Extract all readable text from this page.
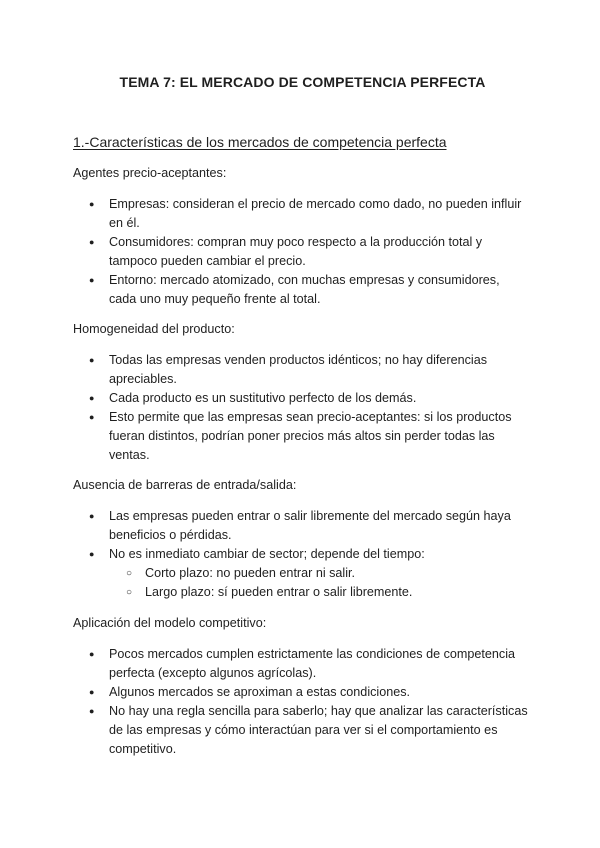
TEMA 7: EL MERCADO DE COMPETENCIA PERFECTA
1.-Características de los mercados de competencia perfecta

Agentes precio-aceptantes:

● Empresas: consideran el precio de mercado como dado, no pueden influir en él.
● Consumidores: compran muy poco respecto a la producción total y tampoco pueden cambiar el precio.
● Entorno: mercado atomizado, con muchas empresas y consumidores, cada uno muy pequeño frente al total.

Homogeneidad del producto:

● Todas las empresas venden productos idénticos; no hay diferencias apreciables.
● Cada producto es un sustitutivo perfecto de los demás.
● Esto permite que las empresas sean precio-aceptantes: si los productos fueran distintos, podrían poner precios más altos sin perder todas las ventas.

Ausencia de barreras de entrada/salida:

● Las empresas pueden entrar o salir libremente del mercado según haya beneficios o pérdidas.
● No es inmediato cambiar de sector; depende del tiempo:
○ Corto plazo: no pueden entrar ni salir.
○ Largo plazo: sí pueden entrar o salir libremente.

Aplicación del modelo competitivo:

● Pocos mercados cumplen estrictamente las condiciones de competencia perfecta (excepto algunos agrícolas).
● Algunos mercados se aproximan a estas condiciones.
● No hay una regla sencilla para saberlo; hay que analizar las características de las empresas y cómo interactúan para ver si el comportamiento es competitivo.
